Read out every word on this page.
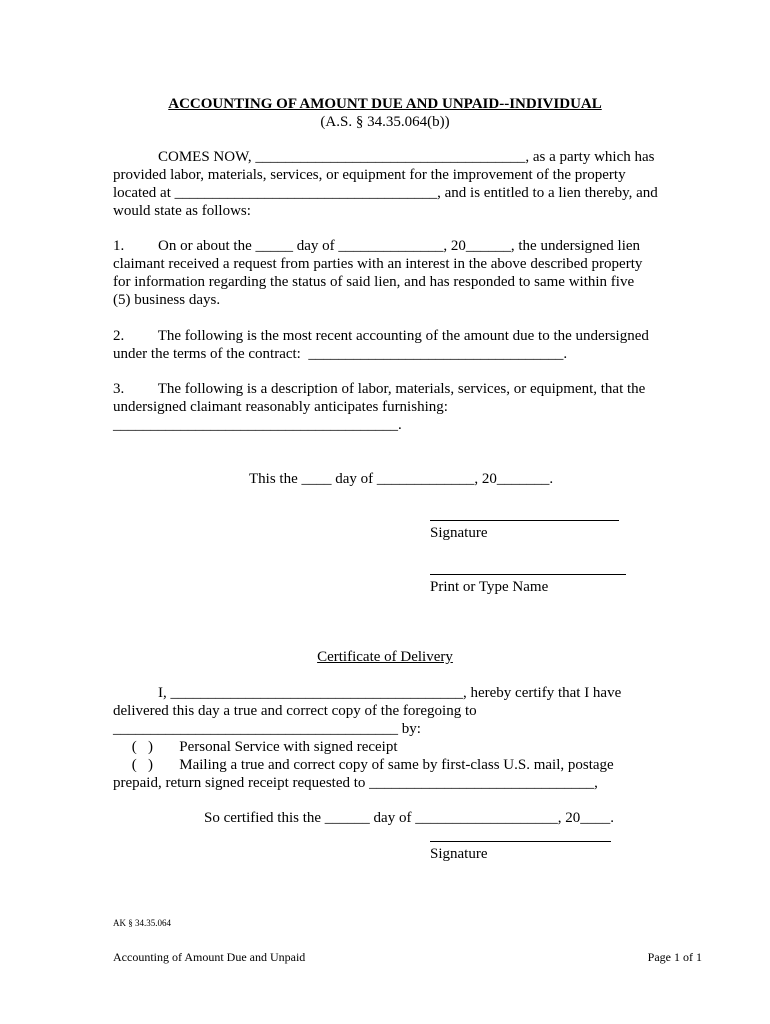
ACCOUNTING OF AMOUNT DUE AND UNPAID--INDIVIDUAL
(A.S. § 34.35.064(b))
COMES NOW, ____________________________________, as a party which has
provided labor, materials, services, or equipment for the improvement of the property
located at ___________________________________, and is entitled to a lien thereby, and
would state as follows:
1.         On or about the _____ day of ______________, 20______, the undersigned lien
claimant received a request from parties with an interest in the above described property
for information regarding the status of said lien, and has responded to same within five
(5) business days.
2.         The following is the most recent accounting of the amount due to the undersigned
under the terms of the contract:  __________________________________.
3.         The following is a description of labor, materials, services, or equipment, that the
undersigned claimant reasonably anticipates furnishing:
______________________________________.
This the ____ day of _____________, 20_______.
Signature
Print or Type Name
Certificate of Delivery
I, _______________________________________, hereby certify that I have
delivered this day a true and correct copy of the foregoing to
______________________________________ by:
(   )       Personal Service with signed receipt
(   )       Mailing a true and correct copy of same by first-class U.S. mail, postage
prepaid, return signed receipt requested to ______________________________,
So certified this the ______ day of ___________________, 20____.
Signature
AK § 34.35.064
Accounting of Amount Due and Unpaid	Page 1 of 1
